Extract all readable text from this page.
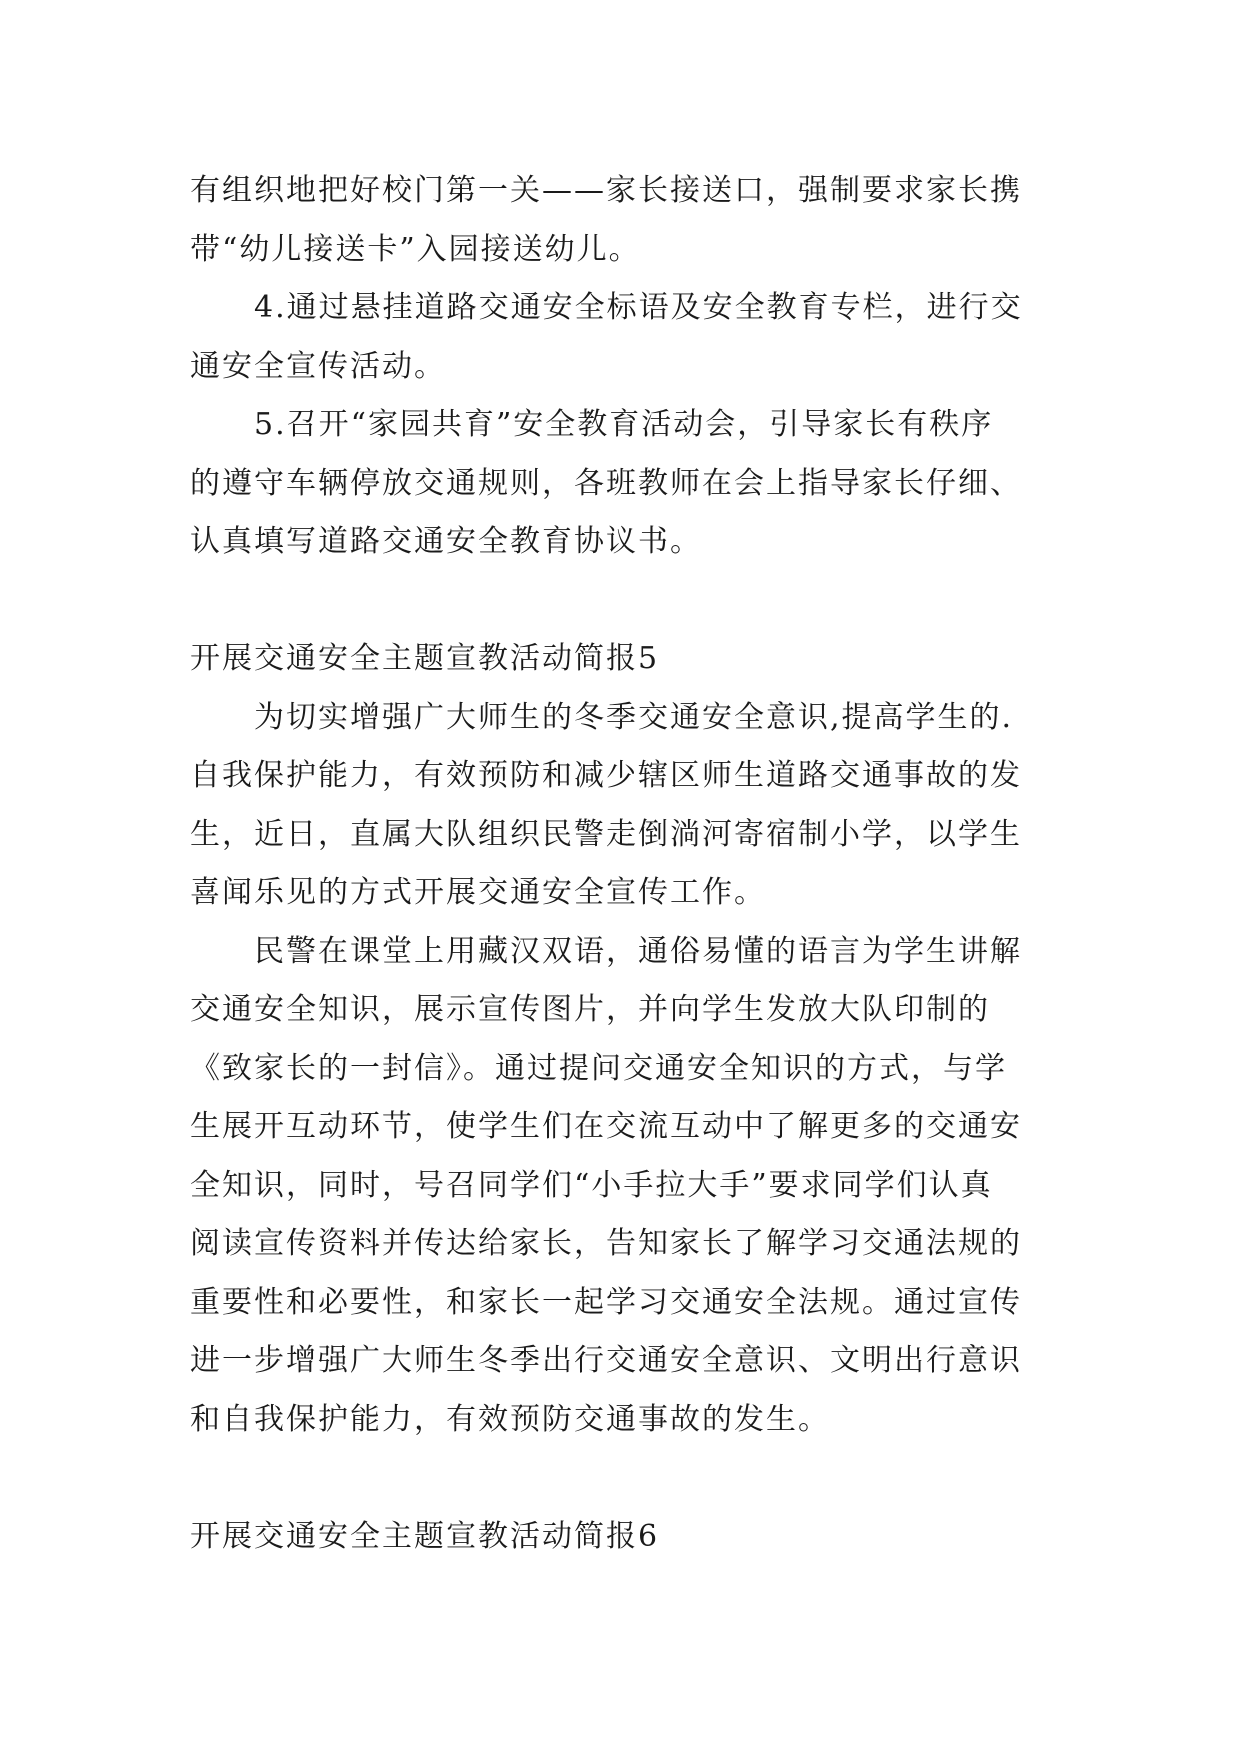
有组织地把好校门第一关——家长接送口，强制要求家长携
带“幼儿接送卡”入园接送幼儿。
4.通过悬挂道路交通安全标语及安全教育专栏，进行交
通安全宣传活动。
5.召开“家园共育”安全教育活动会，引导家长有秩序
的遵守车辆停放交通规则，各班教师在会上指导家长仔细、
认真填写道路交通安全教育协议书。
开展交通安全主题宣教活动简报5
为切实增强广大师生的冬季交通安全意识,提高学生的.
自我保护能力，有效预防和减少辖区师生道路交通事故的发
生，近日，直属大队组织民警走倒淌河寄宿制小学，以学生
喜闻乐见的方式开展交通安全宣传工作。
民警在课堂上用藏汉双语，通俗易懂的语言为学生讲解
交通安全知识，展示宣传图片，并向学生发放大队印制的
《致家长的一封信》。通过提问交通安全知识的方式，与学
生展开互动环节，使学生们在交流互动中了解更多的交通安
全知识，同时，号召同学们“小手拉大手”要求同学们认真
阅读宣传资料并传达给家长，告知家长了解学习交通法规的
重要性和必要性，和家长一起学习交通安全法规。通过宣传
进一步增强广大师生冬季出行交通安全意识、文明出行意识
和自我保护能力，有效预防交通事故的发生。
开展交通安全主题宣教活动简报6
